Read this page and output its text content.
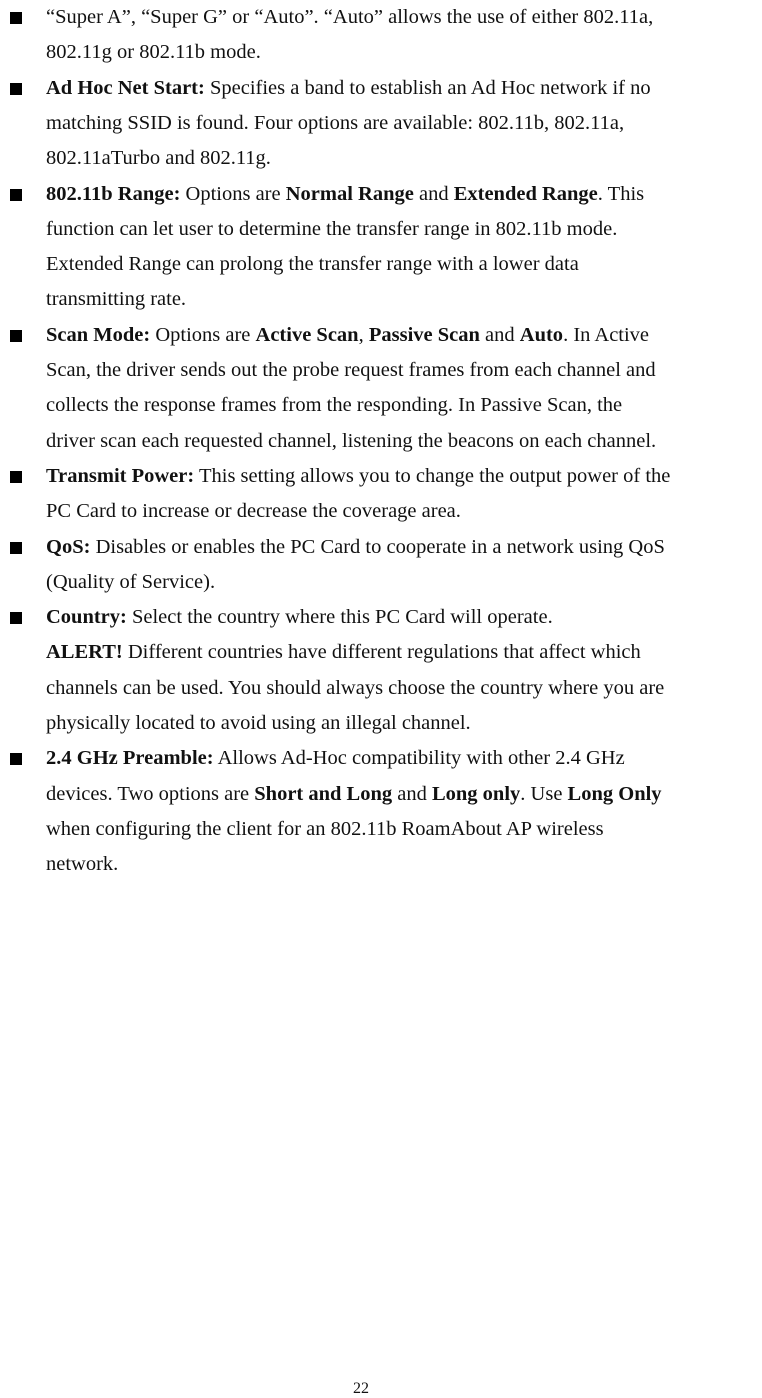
“Super A”, “Super G” or “Auto”. “Auto” allows the use of either 802.11a,
802.11g or 802.11b mode.
Ad Hoc Net Start: Specifies a band to establish an Ad Hoc network if no
matching SSID is found. Four options are available: 802.11b, 802.11a,
802.11aTurbo and 802.11g.
802.11b Range: Options are Normal Range and Extended Range. This
function can let user to determine the transfer range in 802.11b mode.
Extended Range can prolong the transfer range with a lower data
transmitting rate.
Scan Mode: Options are Active Scan, Passive Scan and Auto. In Active
Scan, the driver sends out the probe request frames from each channel and
collects the response frames from the responding. In Passive Scan, the
driver scan each requested channel, listening the beacons on each channel.
Transmit Power: This setting allows you to change the output power of the
PC Card to increase or decrease the coverage area.
QoS: Disables or enables the PC Card to cooperate in a network using QoS
(Quality of Service).
Country: Select the country where this PC Card will operate.
ALERT! Different countries have different regulations that affect which
channels can be used. You should always choose the country where you are
physically located to avoid using an illegal channel.
2.4 GHz Preamble: Allows Ad-Hoc compatibility with other 2.4 GHz
devices. Two options are Short and Long and Long only. Use Long Only
when configuring the client for an 802.11b RoamAbout AP wireless
network.
22
